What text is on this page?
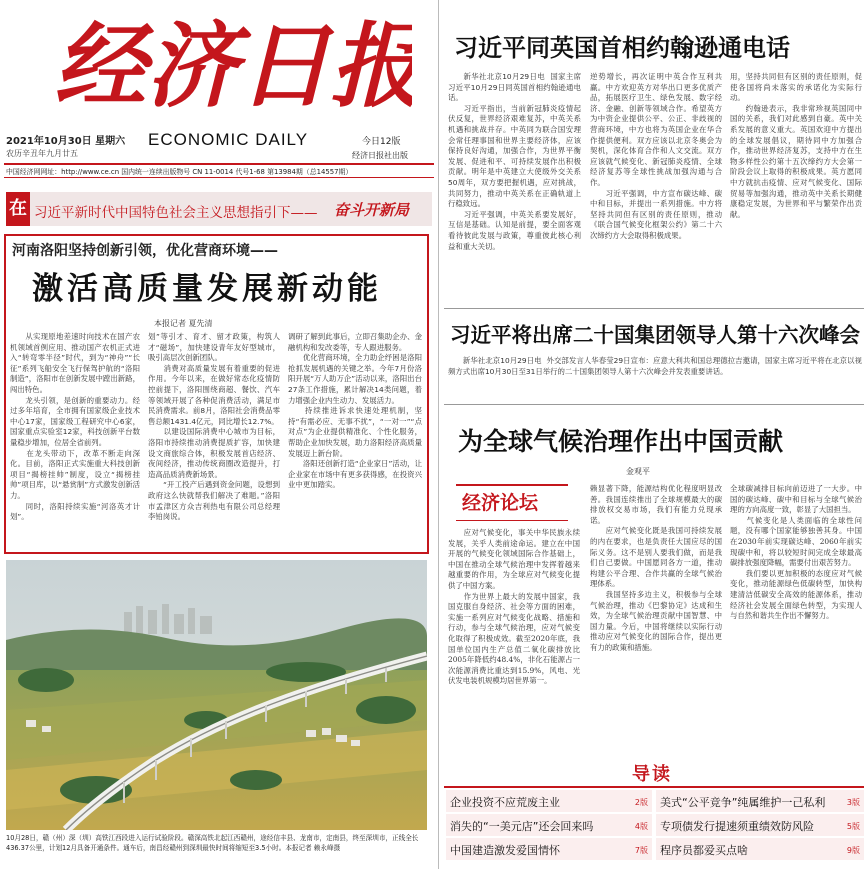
经济日报
2021年10月30日 星期六
农历辛丑年九月廿五
ECONOMIC DAILY	今日12版
经济日报社出版
中国经济网网址：http://www.ce.cn 国内统一连续出版物号 CN 11-0014 代号1-68 第13984期（总14557期）
在 习近平新时代中国特色社会主义思想指引下—— 奋斗开新局
河南洛阳坚持创新引领，优化营商环境——
激活高质量发展新动能
本报记者 夏先清
　　从实现原地差速时向技术在国产农机领域首例应用、推动国产农机正式进入“转弯零半径”时代，到为“神舟”“长征”系列飞船安全飞行保驾护航的“洛阳制造”，洛阳市在创新发展中蹚出新路，闯出特色。
　　龙头引领，是创新的重要动力。经过多年培育，全市拥有国家级企业技术中心17家，国家级工程研究中心6家，国家重点实验室12家，科技创新平台数量稳步增加，位居全省前列。
　　在龙头带动下，改革不断走向深化。目前，洛阳正式实施重大科技创新项目“揭榜挂帅”制度，设立“揭榜挂帅”项目库，以“悬赏制”方式激发创新活力。
　　同时，洛阳持续实施“河洛英才计划”。
划”等引才、育才、留才政策，构筑人才“磁场”，加快建设青年友好型城市，吸引高层次创新团队。
　　消费对高质量发展有着重要的促进作用。今年以来，在做好常态化疫情防控前提下，洛阳围绕商超、餐饮、汽车等领域开展了各种促消费活动，满足市民消费需求。前8月，洛阳社会消费品零售总额1431.4亿元，同比增长12.7%。
　　以建设国际消费中心城市为目标，洛阳市持续推动消费提质扩容，加快建设文商旅综合体，积极发展首店经济、夜间经济，推动传统商圈改造提升，打造高品质消费新场景。
　　“开工投产后遇到资金问题，设想到政府这么快就帮我们解决了难题。”洛阳市孟津区方众吉利热电有限公司总经理李铂岗说。
调研了解到此事后，立即召集助企办、金融机构和发改委等，专人跟进服务。
　　优化营商环境，全力助企纾困是洛阳抢抓发展机遇的关键之举。今年7月份洛阳开展“万人助万企”活动以来，洛阳出台27条工作措施，累计解决14类问题，着力增强企业内生动力、发展活力。
　　持续推进诉求快速处理机制，坚持“有需必应、无事不扰”，“一对一”“点对点”为企业提供精准化、个性化服务，帮助企业加快发展，助力洛阳经济高质量发展迈上新台阶。
　　洛阳还创新打造“企业家日”活动，让企业家在市场中有更多获得感，在投资兴业中更加踏实。
10月28日，赣（州）深（圳）高铁江西段进入运行试验阶段。赣深高铁北起江西赣州，途经信丰县、龙南市，定南县，终至深圳市，正线全长436.37公里，计划12月具备开通条件。通车后，南昌经赣州到深圳最快时间将缩短至3.5小时。本报记者 赖永峰摄
习近平同英国首相约翰逊通电话
　　新华社北京10月29日电  国家主席习近平10月29日同英国首相约翰逊通电话。
　　习近平指出，当前新冠肺炎疫情起伏反复，世界经济艰难复苏，中英关系机遇和挑战并存。中英同为联合国安理会常任理事国和世界主要经济体，应该保持良好沟通，加强合作，为世界平衡发展、促进和平、可持续发展作出积极贡献。明年是中英建立大使级外交关系50周年，双方要把握机遇，应对挑战，共同努力，推动中英关系在正确轨道上行稳致远。
　　习近平强调，中英关系要发展好，互信是基础。认知是前提，要全面客观看待彼此发展与政策，尊重彼此核心利益和重大关切。
逆势增长，再次证明中英合作互利共赢。中方欢迎英方对华出口更多优质产品，拓展医疗卫生、绿色发展、数字经济、金融、创新等领域合作。希望英方为中资企业提供公平、公正、非歧视的营商环境，中方也将为英国企业在华合作提供便利。双方应该以北京冬奥会为契机，深化体育合作和人文交流。双方应该就气候变化、新冠肺炎疫情、全球经济复苏等全球性挑战加强沟通与合作。
　　习近平强调，中方宣布碳达峰、碳中和目标，并提出一系列措施。中方将坚持共同但有区别的责任原则，推动《联合国气候变化框架公约》第二十六次缔约方大会取得积极成果。
用，坚持共同但有区别的责任原则，促使各国将尚未落实的承诺化为实际行动。
　　约翰逊表示，我非常珍视英国同中国的关系，我们对此感到自豪。英中关系发展的意义重大。英国欢迎中方提出的全球发展倡议，期待同中方加强合作，推动世界经济复苏，支持中方在生物多样性公约第十五次缔约方大会第一阶段会议上取得的积极成果。英方愿同中方就抗击疫情、应对气候变化、国际贸易等加强沟通，推动英中关系长期健康稳定发展，为世界和平与繁荣作出贡献。
习近平将出席二十国集团领导人第十六次峰会
　　新华社北京10月29日电  外交部发言人华春莹29日宣布：应意大利共和国总理德拉吉邀请，国家主席习近平将在北京以视频方式出席10月30日至31日举行的二十国集团领导人第十六次峰会并发表重要讲话。
为全球气候治理作出中国贡献
金观平
经济论坛
　　应对气候变化，事关中华民族永续发展，关乎人类前途命运。建立在中国开展的气候变化领域国际合作基础上，中国在推动全球气候治理中发挥着越来越重要的作用，为全球应对气候变化提供了中国方案。
　　作为世界上最大的发展中国家，我国克服自身经济、社会等方面的困难，实施一系列应对气候变化战略、措施和行动，参与全球气候治理，应对气候变化取得了积极成效。截至2020年底，我国单位国内生产总值二氧化碳排放比2005年降低约48.4%，非化石能源占一次能源消费比重达到15.9%，风电、光伏发电装机规模均居世界第一。
赖显著下降，能源结构优化程度明显改善。我国连续推出了全球规模最大的碳排放权交易市场，我们有能力兑现承诺。
　　应对气候变化既是我国可持续发展的内在要求，也是负责任大国应尽的国际义务。这不是别人要我们做，而是我们自己要做。中国愿同各方一道，推动构建公平合理、合作共赢的全球气候治理体系。
　　我国坚持多边主义，积极参与全球气候治理，推动《巴黎协定》达成和生效，为全球气候治理贡献中国智慧、中国力量。今后，中国将继续以实际行动推动应对气候变化的国际合作，提出更有力的政策和措施。
全球碳减排目标向前迈进了一大步。中国的碳达峰、碳中和目标与全球气候治理的方向高度一致，彰显了大国担当。
　　气候变化是人类面临的全球性问题，没有哪个国家能够独善其身。中国在2030年前实现碳达峰、2060年前实现碳中和，将以较短时间完成全球最高碳排放强度降幅，需要付出艰苦努力。
　　我们要以更加积极的态度应对气候变化，推动能源绿色低碳转型，加快构建清洁低碳安全高效的能源体系，推动经济社会发展全面绿色转型，为实现人与自然和谐共生作出不懈努力。
导读
企业投资不应荒废主业	2版 美式“公平竞争”纯属维护一己私利	3版
消失的“一美元店”还会回来吗	4版 专项债发行提速须重绩效防风险	5版
中国建造激发爱国情怀	7版 程序员都爱买点啥	9版
